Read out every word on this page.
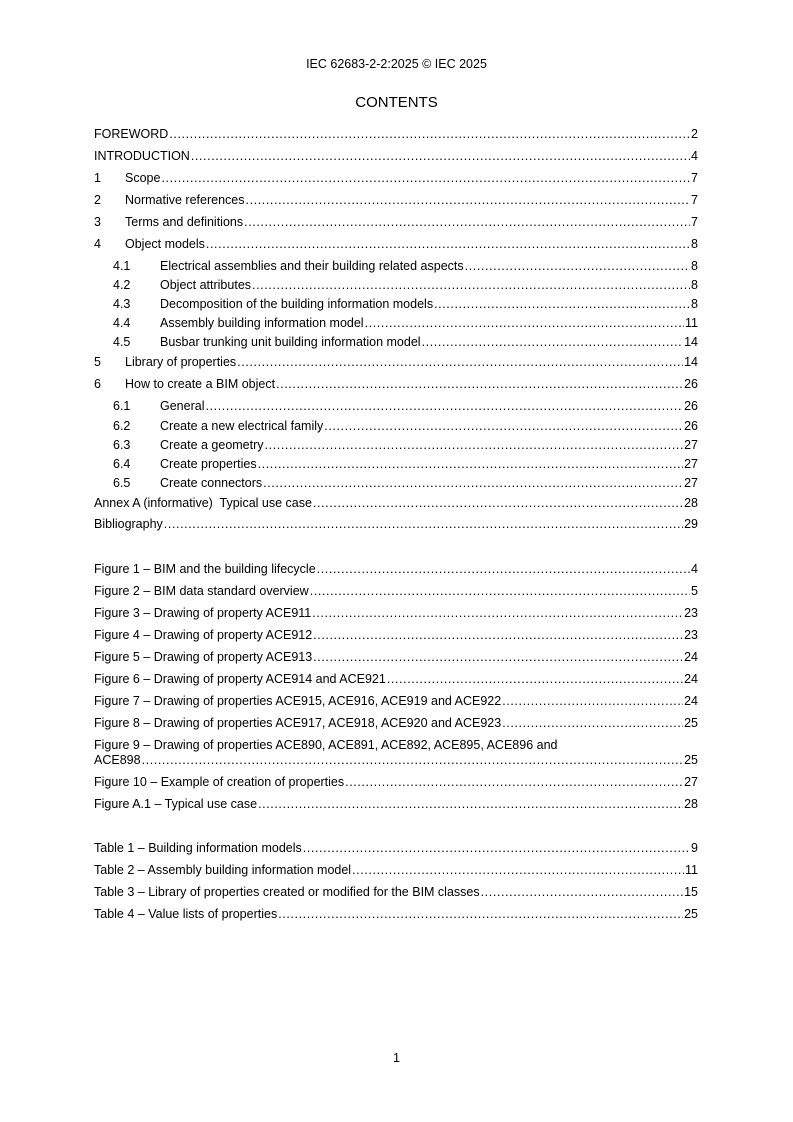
IEC 62683-2-2:2025 © IEC 2025
CONTENTS
FOREWORD .....	2
INTRODUCTION .....	4
1	Scope .....	7
2	Normative references .....	7
3	Terms and definitions .....	7
4	Object models .....	8
4.1	Electrical assemblies and their building related aspects .....	8
4.2	Object attributes .....	8
4.3	Decomposition of the building information models .....	8
4.4	Assembly building information model .....	11
4.5	Busbar trunking unit building information model .....	14
5	Library of properties .....	14
6	How to create a BIM object .....	26
6.1	General .....	26
6.2	Create a new electrical family .....	26
6.3	Create a geometry .....	27
6.4	Create properties .....	27
6.5	Create connectors .....	27
Annex A (informative)  Typical use case .....	28
Bibliography .....	29
Figure 1 – BIM and the building lifecycle .....	4
Figure 2 – BIM data standard overview .....	5
Figure 3 – Drawing of property ACE911 .....	23
Figure 4 – Drawing of property ACE912 .....	23
Figure 5 – Drawing of property ACE913 .....	24
Figure 6 – Drawing of property ACE914 and ACE921 .....	24
Figure 7 – Drawing of properties ACE915, ACE916, ACE919 and ACE922 .....	24
Figure 8 – Drawing of properties ACE917, ACE918, ACE920 and ACE923 .....	25
Figure 9 – Drawing of properties ACE890, ACE891, ACE892, ACE895, ACE896 and
ACE898 .....	25
Figure 10 – Example of creation of properties .....	27
Figure A.1 – Typical use case .....	28
Table 1 – Building information models .....	9
Table 2 – Assembly building information model .....	11
Table 3 – Library of properties created or modified for the BIM classes .....	15
Table 4 – Value lists of properties .....	25
1
